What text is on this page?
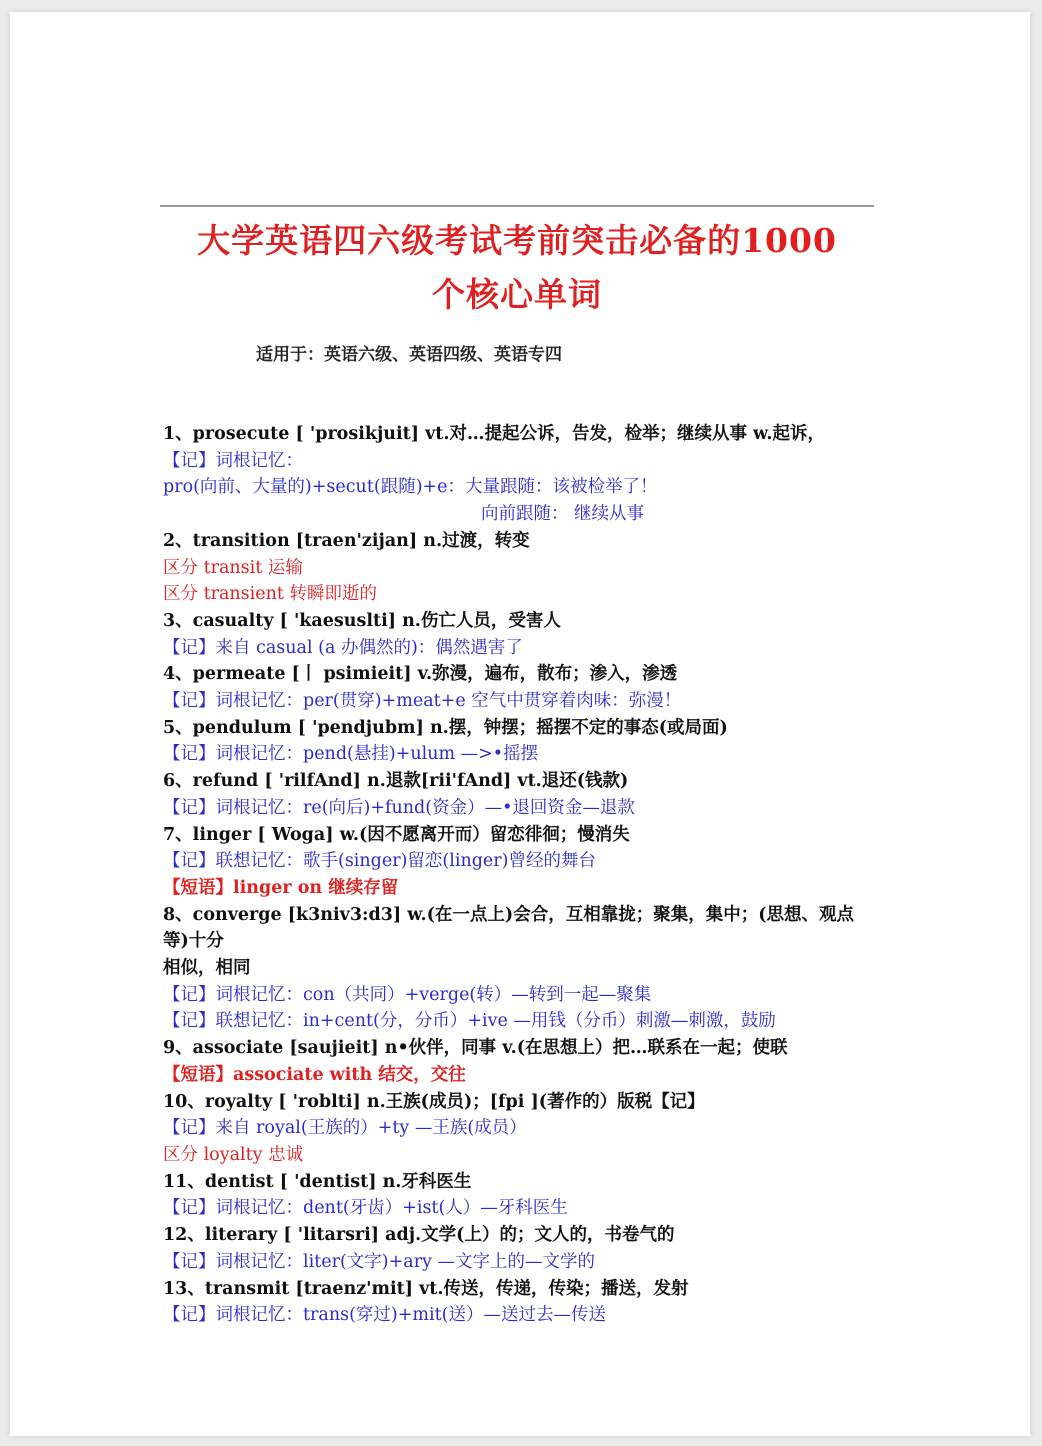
大学英语四六级考试考前突击必备的1000
个核心单词
适用于：英语六级、英语四级、英语专四
1、prosecute [ 'prosikjuit] vt.对…提起公诉，告发，检举；继续从事 w.起诉，
【记】词根记忆：
pro(向前、大量的)+secut(跟随)+e：大量跟随：该被检举了！
向前跟随： 继续从事
2、transition [traen'zijan] n.过渡，转变
区分 transit 运输
区分 transient 转瞬即逝的
3、casualty [ 'kaesuslti] n.伤亡人员，受害人
【记】来自 casual (a 办偶然的)：偶然遇害了
4、permeate [丨 psimieit] v.弥漫，遍布，散布；渗入，渗透
【记】词根记忆：per(贯穿)+meat+e 空气中贯穿着肉味：弥漫！
5、pendulum [ 'pendjubm] n.摆，钟摆；摇摆不定的事态(或局面)
【记】词根记忆：pend(悬挂)+ulum —>•摇摆
6、refund [ 'rilfAnd] n.退款[rii'fAnd] vt.退还(钱款)
【记】词根记忆：re(向后)+fund(资金）—•退回资金—退款
7、linger [ Woga] w.(因不愿离开而）留恋徘徊；慢消失
【记】联想记忆：歌手(singer)留恋(linger)曾经的舞台
【短语】linger on 继续存留
8、converge [k3niv3:d3] w.(在一点上)会合，互相靠拢；聚集，集中；(思想、观点等)十分
相似，相同
【记】词根记忆：con（共同）+verge(转）—转到一起—聚集
【记】联想记忆：in+cent(分，分币）+ive —用钱（分币）刺激—刺激，鼓励
9、associate [saujieit] n•伙伴，同事 v.(在思想上）把…联系在一起；使联
【短语】associate with 结交，交往
10、royalty [ 'roblti] n.王族(成员)；[fpi ](著作的）版税【记】
【记】来自 royal(王族的）+ty —王族(成员）
区分 loyalty 忠诚
11、dentist [ 'dentist] n.牙科医生
【记】词根记忆：dent(牙齿）+ist(人）—牙科医生
12、literary [ 'litarsri] adj.文学(上）的；文人的，书卷气的
【记】词根记忆：liter(文字)+ary —文字上的—文学的
13、transmit [traenz'mit] vt.传送，传递，传染；播送，发射
【记】词根记忆：trans(穿过)+mit(送）—送过去—传送
